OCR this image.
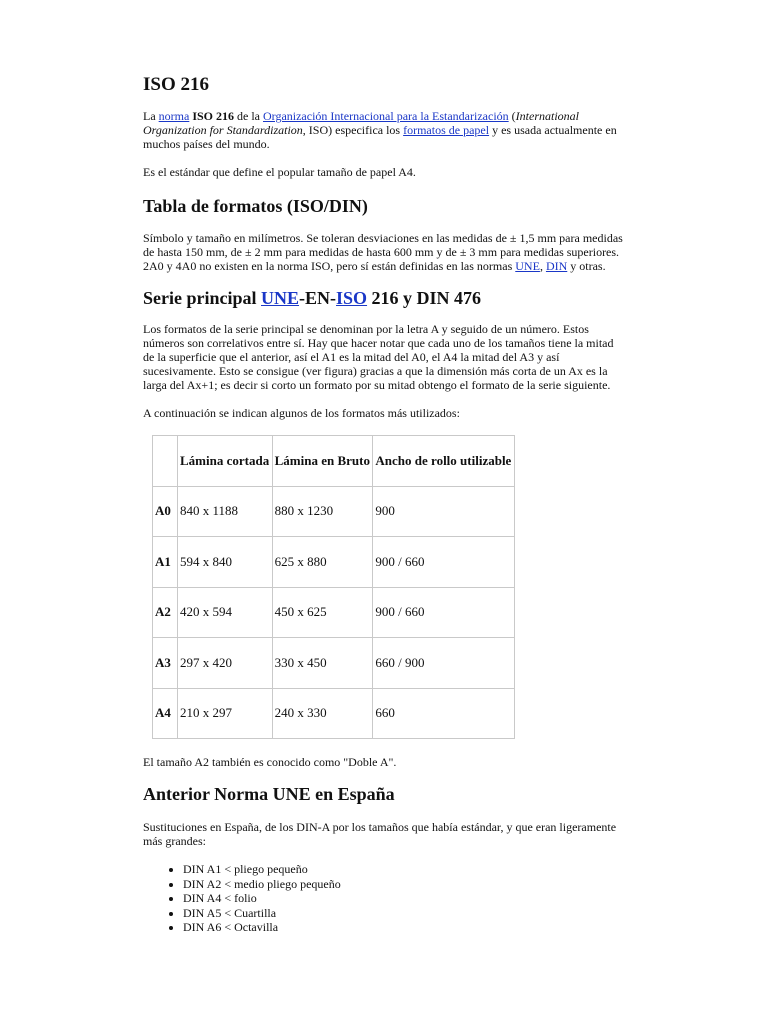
ISO 216

La norma ISO 216 de la Organización Internacional para la Estandarización (International Organization for Standardization, ISO) especifica los formatos de papel y es usada actualmente en muchos países del mundo.

Es el estándar que define el popular tamaño de papel A4.

Tabla de formatos (ISO/DIN)

Símbolo y tamaño en milímetros. Se toleran desviaciones en las medidas de ± 1,5 mm para medidas de hasta 150 mm, de ± 2 mm para medidas de hasta 600 mm y de ± 3 mm para medidas superiores. 2A0 y 4A0 no existen en la norma ISO, pero sí están definidas en las normas UNE, DIN y otras.

Serie principal UNE-EN-ISO 216 y DIN 476

Los formatos de la serie principal se denominan por la letra A y seguido de un número. Estos números son correlativos entre sí. Hay que hacer notar que cada uno de los tamaños tiene la mitad de la superficie que el anterior, así el A1 es la mitad del A0, el A4 la mitad del A3 y así sucesivamente. Esto se consigue (ver figura) gracias a que la dimensión más corta de un Ax es la larga del Ax+1; es decir si corto un formato por su mitad obtengo el formato de la serie siguiente.

A continuación se indican algunos de los formatos más utilizados:

	Lámina cortada	Lámina en Bruto	Ancho de rollo utilizable
A0	840 x 1188	880 x 1230	900
A1	594 x 840	625 x 880	900 / 660
A2	420 x 594	450 x 625	900 / 660
A3	297 x 420	330 x 450	660 / 900
A4	210 x 297	240 x 330	660

El tamaño A2 también es conocido como "Doble A".

Anterior Norma UNE en España

Sustituciones en España, de los DIN-A por los tamaños que había estándar, y que eran ligeramente más grandes:

• DIN A1 < pliego pequeño
• DIN A2 < medio pliego pequeño
• DIN A4 < folio
• DIN A5 < Cuartilla
• DIN A6 < Octavilla
